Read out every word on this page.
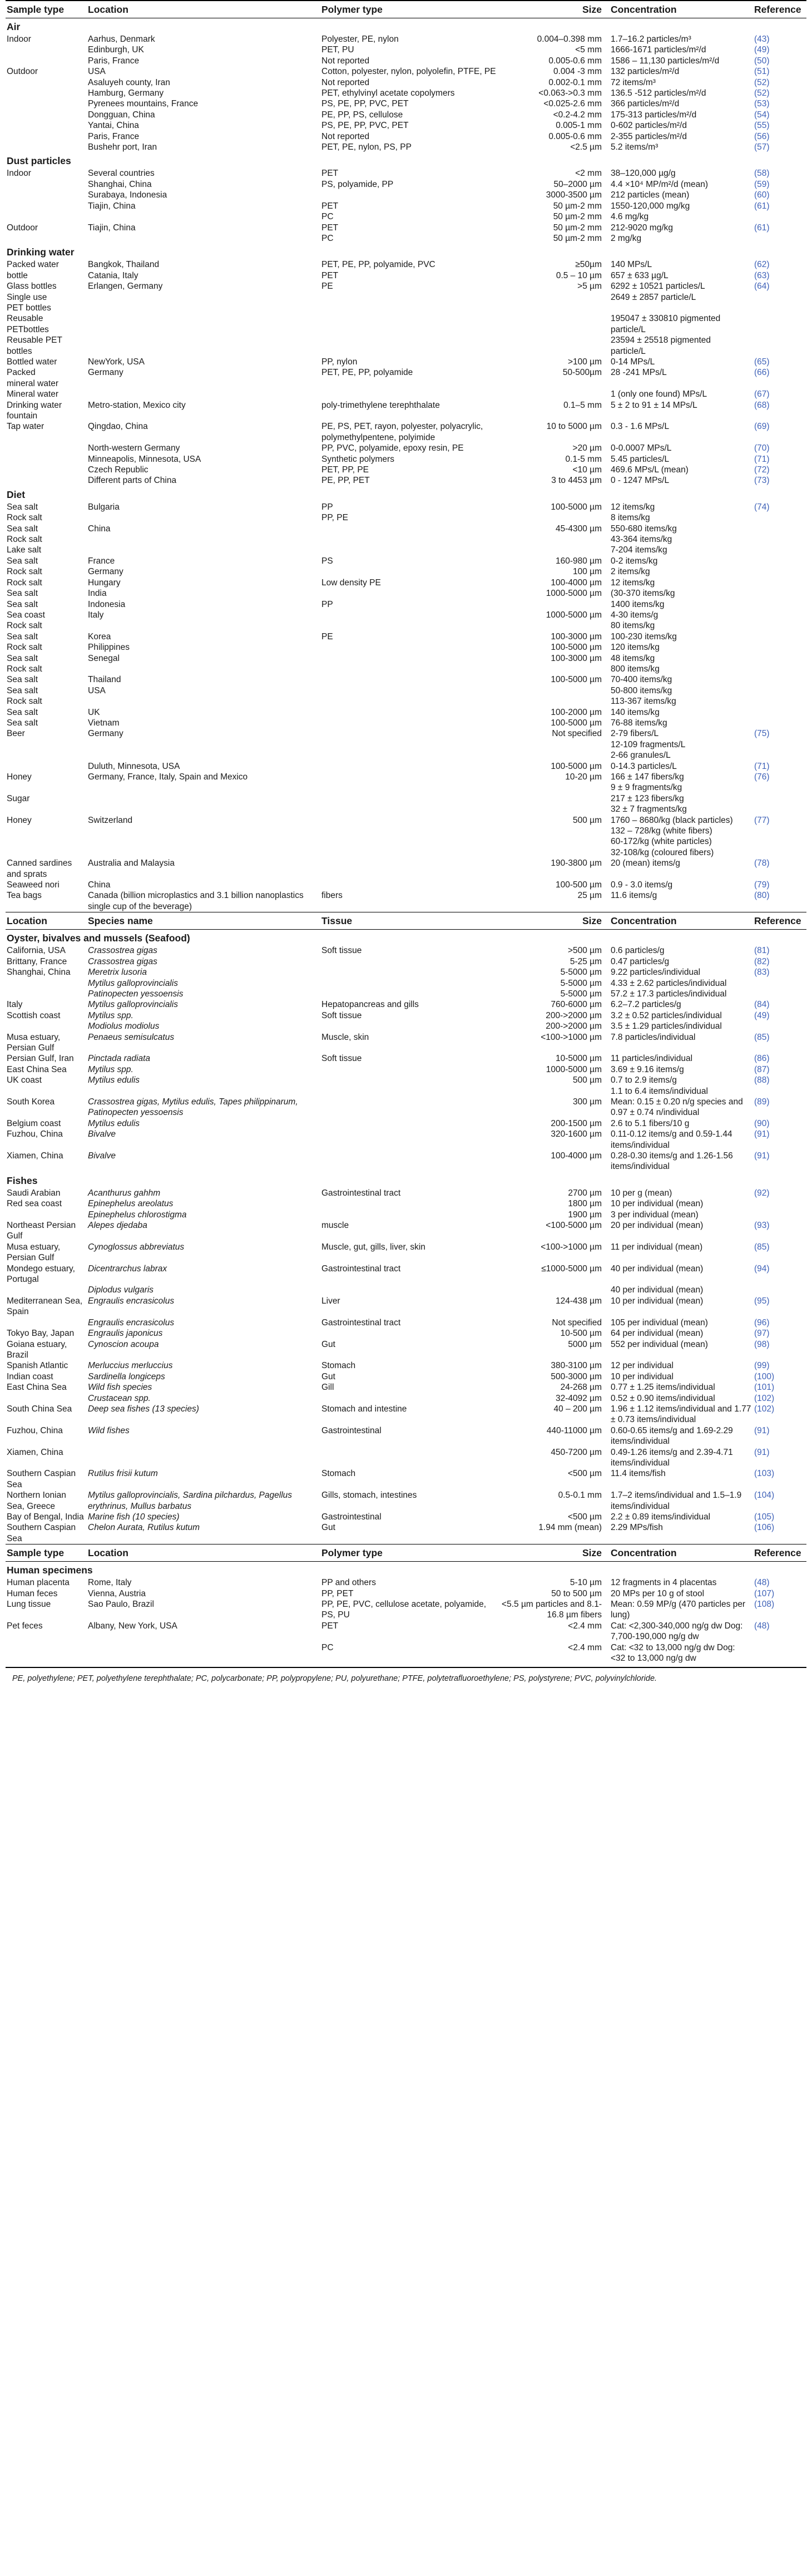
Sample type	Location	Polymer type	Size	Concentration	Reference
Air					
Indoor	Aarhus, Denmark	Polyester, PE, nylon	0.004–0.398 mm	1.7–16.2 particles/m³	(43)
	Edinburgh, UK	PET, PU	<5 mm	1666-1671 particles/m²/d	(49)
	Paris, France	Not reported	0.005-0.6 mm	1586 – 11,130 particles/m²/d	(50)
Outdoor	USA	Cotton, polyester, nylon, polyolefin, PTFE, PE	0.004 -3 mm	132 particles/m²/d	(51)
	Asaluyeh county, Iran	Not reported	0.002-0.1 mm	72 items/m³	(52)
	Hamburg, Germany	PET, ethylvinyl acetate copolymers	<0.063->0.3 mm	136.5 -512 particles/m²/d	(52)
	Pyrenees mountains, France	PS, PE, PP, PVC, PET	<0.025-2.6 mm	366 particles/m²/d	(53)
	Dongguan, China	PE, PP, PS, cellulose	<0.2-4.2 mm	175-313 particles/m²/d	(54)
	Yantai, China	PS, PE, PP, PVC, PET	0.005-1 mm	0-602 particles/m²/d	(55)
	Paris, France	Not reported	0.005-0.6 mm	2-355 particles/m²/d	(56)
	Bushehr port, Iran	PET, PE, nylon, PS, PP	<2.5 µm	5.2 items/m³	(57)
Dust particles					
Indoor	Several countries	PET	<2 mm	38–120,000 µg/g	(58)
	Shanghai, China	PS, polyamide, PP	50–2000 µm	4.4 ×10⁴ MP/m²/d (mean)	(59)
	Surabaya, Indonesia		3000-3500 µm	212 particles (mean)	(60)
	Tiajin, China	PET	50 µm-2 mm	1550-120,000 mg/kg	(61)
		PC	50 µm-2 mm	4.6 mg/kg	
Outdoor	Tiajin, China	PET	50 µm-2 mm	212-9020 mg/kg	(61)
		PC	50 µm-2 mm	2 mg/kg	
Drinking water					
Packed water	Bangkok, Thailand	PET, PE, PP, polyamide, PVC	≥50µm	140 MPs/L	(62)
bottle	Catania, Italy	PET	0.5 – 10 µm	657 ± 633 µg/L	(63)
Glass bottles	Erlangen, Germany	PE	>5 µm	6292 ± 10521 particles/L	(64)
Single use				2649 ± 2857 particle/L	
PET bottles					
Reusable				195047 ± 330810 pigmented	
PETbottles				particle/L	
Reusable PET				23594 ± 25518 pigmented	
bottles				particle/L	
Bottled water	NewYork, USA	PP, nylon	>100 µm	0-14 MPs/L	(65)
Packed	Germany	PET, PE, PP, polyamide	50-500µm	28 -241 MPs/L	(66)
mineral water					
Mineral water				1 (only one found) MPs/L	(67)
Drinking water	Metro-station, Mexico city	poly-trimethylene terephthalate	0.1–5 mm	5 ± 2 to 91 ± 14 MPs/L	(68)
fountain					
Tap water	Qingdao, China	PE, PS, PET, rayon, polyester, polyacrylic, polymethylpentene, polyimide	10 to 5000 µm	0.3 - 1.6 MPs/L	(69)
	North-western Germany	PP, PVC, polyamide, epoxy resin, PE	>20 µm	0-0.0007 MPs/L	(70)
	Minneapolis, Minnesota, USA	Synthetic polymers	0.1-5 mm	5.45 particles/L	(71)
	Czech Republic	PET, PP, PE	<10 µm	469.6 MPs/L (mean)	(72)
	Different parts of China	PE, PP, PET	3 to 4453 µm	0 - 1247 MPs/L	(73)
Diet					
Sea salt	Bulgaria	PP	100-5000 µm	12 items/kg	(74)
Rock salt		PP, PE		8 items/kg	
Sea salt	China		45-4300 µm	550-680 items/kg	
Rock salt				43-364 items/kg	
Lake salt				7-204 items/kg	
Sea salt	France	PS	160-980 µm	0-2 items/kg	
Rock salt	Germany		100 µm	2 items/kg	
Rock salt	Hungary	Low density PE	100-4000 µm	12 items/kg	
Sea salt	India		1000-5000 µm	(30-370 items/kg	
Sea salt	Indonesia	PP		1400 items/kg	
Sea coast	Italy		1000-5000 µm	4-30 items/g	
Rock salt				80 items/kg	
Sea salt	Korea	PE	100-3000 µm	100-230 items/kg	
Rock salt	Philippines		100-5000 µm	120 items/kg	
Sea salt	Senegal		100-3000 µm	48 items/kg	
Rock salt				800 items/kg	
Sea salt	Thailand		100-5000 µm	70-400 items/kg	
Sea salt	USA			50-800 items/kg	
Rock salt				113-367 items/kg	
Sea salt	UK		100-2000 µm	140 items/kg	
Sea salt	Vietnam		100-5000 µm	76-88 items/kg	
Beer	Germany		Not specified	2-79 fibers/L	(75)
				12-109 fragments/L	
				2-66 granules/L	
	Duluth, Minnesota, USA		100-5000 µm	0-14.3 particles/L	(71)
Honey	Germany, France, Italy, Spain and Mexico		10-20 µm	166 ± 147 fibers/kg	(76)
				9 ± 9 fragments/kg	
Sugar				217 ± 123 fibers/kg	
				32 ± 7 fragments/kg	
Honey	Switzerland		500 µm	1760 – 8680/kg (black particles)	(77)
				132 – 728/kg (white fibers)	
				60-172/kg (white particles)	
				32-108/kg (coloured fibers)	
Canned sardines and sprats	Australia and Malaysia		190-3800 µm	20 (mean) items/g	(78)
Seaweed nori	China		100-500 µm	0.9 - 3.0 items/g	(79)
Tea bags	Canada (billion microplastics and 3.1 billion nanoplastics single cup of the beverage)	fibers	25 µm	11.6 items/g	(80)
Location	Species name	Tissue	Size	Concentration	Reference
Oyster, bivalves and mussels (Seafood)					
California, USA	Crassostrea gigas	Soft tissue	>500 µm	0.6 particles/g	(81)
Brittany, France	Crassostrea gigas		5-25 µm	0.47 particles/g	(82)
Shanghai, China	Meretrix lusoria		5-5000 µm	9.22 particles/individual	(83)
	Mytilus galloprovincialis		5-5000 µm	4.33 ± 2.62 particles/individual	
	Patinopecten yessoensis		5-5000 µm	57.2 ± 17.3 particles/individual	
Italy	Mytilus galloprovincialis	Hepatopancreas and gills	760-6000 µm	6.2–7.2 particles/g	(84)
Scottish coast	Mytilus spp.	Soft tissue	200->2000 µm	3.2 ± 0.52 particles/individual	(49)
	Modiolus modiolus		200->2000 µm	3.5 ± 1.29 particles/individual	
Musa estuary, Persian Gulf	Penaeus semisulcatus	Muscle, skin	<100->1000 µm	7.8 particles/individual	(85)
Persian Gulf, Iran	Pinctada radiata	Soft tissue	10-5000 µm	11 particles/individual	(86)
East China Sea	Mytilus spp.		1000-5000 µm	3.69 ± 9.16 items/g	(87)
UK coast	Mytilus edulis		500 µm	0.7 to 2.9 items/g	(88)
				1.1 to 6.4 items/individual	
South Korea	Crassostrea gigas, Mytilus edulis, Tapes philippinarum, Patinopecten yessoensis		300 µm	Mean: 0.15 ± 0.20 n/g species and 0.97 ± 0.74 n/individual	(89)
Belgium coast	Mytilus edulis		200-1500 µm	2.6 to 5.1 fibers/10 g	(90)
Fuzhou, China	Bivalve		320-1600 µm	0.11-0.12 items/g and 0.59-1.44 items/individual	(91)
Xiamen, China	Bivalve		100-4000 µm	0.28-0.30 items/g and 1.26-1.56 items/individual	(91)
Fishes					
Saudi Arabian	Acanthurus gahhm	Gastrointestinal tract	2700 µm	10 per g (mean)	(92)
Red sea coast	Epinephelus areolatus		1800 µm	10 per individual (mean)	
	Epinephelus chlorostigma		1900 µm	3 per individual (mean)	
Northeast Persian Gulf	Alepes djedaba	muscle	<100-5000 µm	20 per individual (mean)	(93)
Musa estuary, Persian Gulf	Cynoglossus abbreviatus	Muscle, gut, gills, liver, skin	<100->1000 µm	11 per individual (mean)	(85)
Mondego estuary, Portugal	Dicentrarchus labrax	Gastrointestinal tract	≤1000-5000 µm	40 per individual (mean)	(94)
	Diplodus vulgaris			40 per individual (mean)	
Mediterranean Sea, Spain	Engraulis encrasicolus	Liver	124-438 µm	10 per individual (mean)	(95)
	Engraulis encrasicolus	Gastrointestinal tract	Not specified	105 per individual (mean)	(96)
Tokyo Bay, Japan	Engraulis japonicus		10-500 µm	64 per individual (mean)	(97)
Goiana estuary, Brazil	Cynoscion acoupa	Gut	5000 µm	552 per individual (mean)	(98)
Spanish Atlantic	Merluccius merluccius	Stomach	380-3100 µm	12 per individual	(99)
Indian coast	Sardinella longiceps	Gut	500-3000 µm	10 per individual	(100)
East China Sea	Wild fish species	Gill	24-268 µm	0.77 ± 1.25 items/individual	(101)
	Crustacean spp.		32-4092 µm	0.52 ± 0.90 items/individual	(102)
South China Sea	Deep sea fishes (13 species)	Stomach and intestine	40 – 200 µm	1.96 ± 1.12 items/individual and 1.77 ± 0.73 items/individual	(102)
Fuzhou, China	Wild fishes	Gastrointestinal	440-11000 µm	0.60-0.65 items/g and 1.69-2.29 items/individual	(91)
Xiamen, China			450-7200 µm	0.49-1.26 items/g and 2.39-4.71 items/individual	(91)
Southern Caspian Sea	Rutilus frisii kutum	Stomach	<500 µm	11.4 items/fish	(103)
Northern Ionian Sea, Greece	Mytilus galloprovincialis, Sardina pilchardus, Pagellus erythrinus, Mullus barbatus	Gills, stomach, intestines	0.5-0.1 mm	1.7–2 items/individual and 1.5–1.9 items/individual	(104)
Bay of Bengal, India	Marine fish (10 species)	Gastrointestinal	<500 µm	2.2 ± 0.89 items/individual	(105)
Southern Caspian Sea	Chelon Aurata, Rutilus kutum	Gut	1.94 mm (mean)	2.29 MPs/fish	(106)
Sample type	Location	Polymer type	Size	Concentration	Reference
Human specimens					
Human placenta	Rome, Italy	PP and others	5-10 µm	12 fragments in 4 placentas	(48)
Human feces	Vienna, Austria	PP, PET	50 to 500 µm	20 MPs per 10 g of stool	(107)
Lung tissue	Sao Paulo, Brazil	PP, PE, PVC, cellulose acetate, polyamide, PS, PU	<5.5 µm particles and 8.1-16.8 µm fibers	Mean: 0.59 MP/g (470 particles per lung)	(108)
Pet feces	Albany, New York, USA	PET	<2.4 mm	Cat: <2,300-340,000 ng/g dw Dog: 7,700-190,000 ng/g dw	(48)
		PC	<2.4 mm	Cat: <32 to 13,000 ng/g dw Dog: <32 to 13,000 ng/g dw	
PE, polyethylene; PET, polyethylene terephthalate; PC, polycarbonate; PP, polypropylene; PU, polyurethane; PTFE, polytetrafluoroethylene; PS, polystyrene; PVC, polyvinylchloride.
